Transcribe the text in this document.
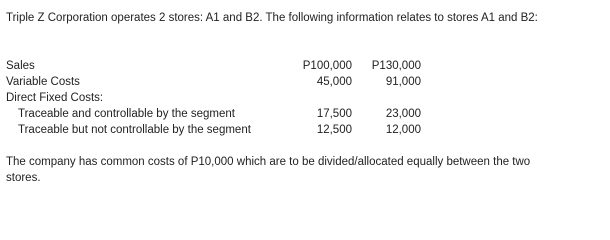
Triple Z Corporation operates 2 stores: A1 and B2. The following information relates to stores A1 and B2:
Sales	P100,000	P130,000
Variable Costs	45,000	91,000
Direct Fixed Costs:
Traceable and controllable by the segment	17,500	23,000
Traceable but not controllable by the segment	12,500	12,000
The company has common costs of P10,000 which are to be divided/allocated equally between the two
stores.
